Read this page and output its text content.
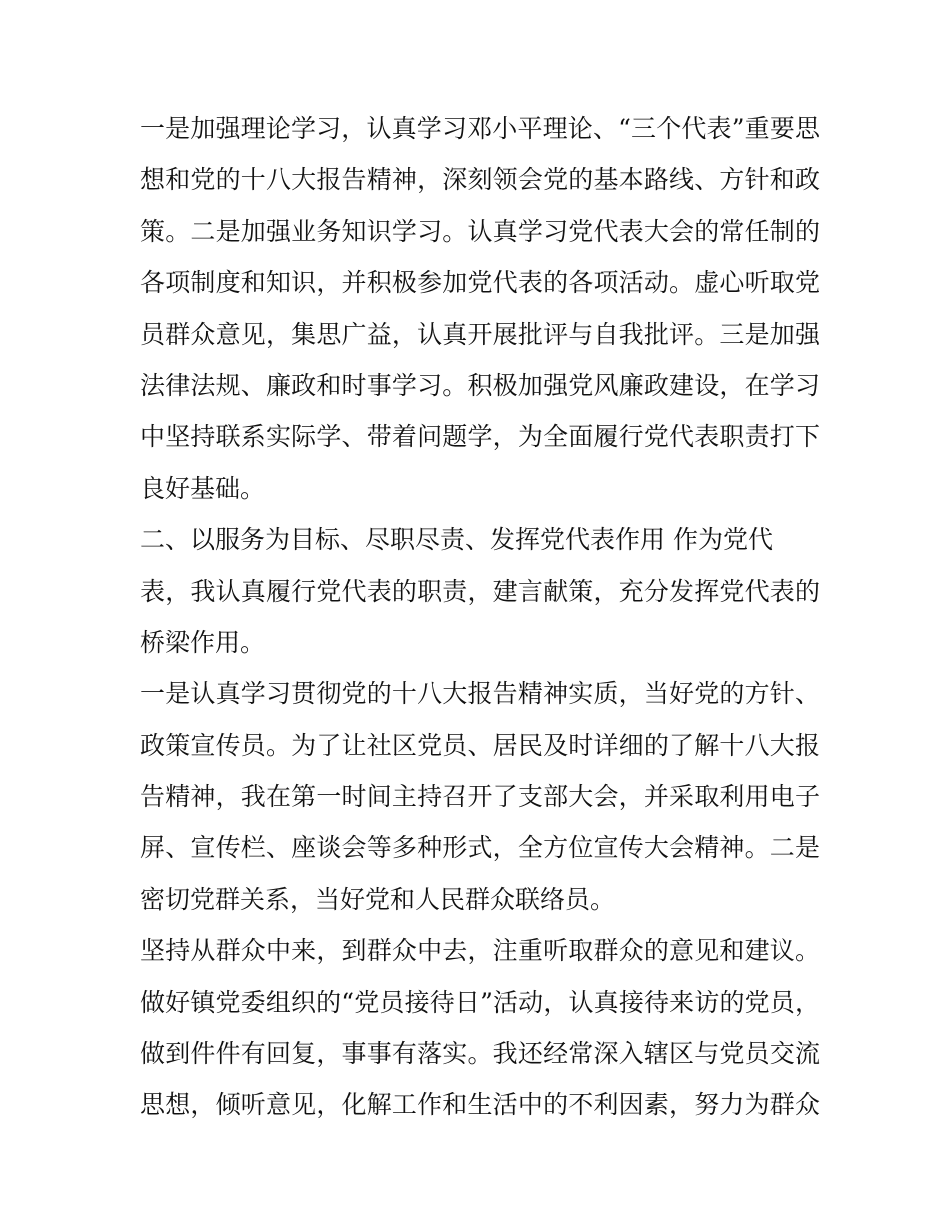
一是加强理论学习，认真学习邓小平理论、“三个代表”重要思

想和党的十八大报告精神，深刻领会党的基本路线、方针和政

策。二是加强业务知识学习。认真学习党代表大会的常任制的

各项制度和知识，并积极参加党代表的各项活动。虚心听取党

员群众意见，集思广益，认真开展批评与自我批评。三是加强

法律法规、廉政和时事学习。积极加强党风廉政建设，在学习

中坚持联系实际学、带着问题学，为全面履行党代表职责打下

良好基础。

二、以服务为目标、尽职尽责、发挥党代表作用 作为党代

表，我认真履行党代表的职责，建言献策，充分发挥党代表的

桥梁作用。

一是认真学习贯彻党的十八大报告精神实质，当好党的方针、

政策宣传员。为了让社区党员、居民及时详细的了解十八大报

告精神，我在第一时间主持召开了支部大会，并采取利用电子

屏、宣传栏、座谈会等多种形式，全方位宣传大会精神。二是

密切党群关系，当好党和人民群众联络员。

坚持从群众中来，到群众中去，注重听取群众的意见和建议。

做好镇党委组织的“党员接待日”活动，认真接待来访的党员，

做到件件有回复，事事有落实。我还经常深入辖区与党员交流

思想，倾听意见，化解工作和生活中的不利因素，努力为群众
